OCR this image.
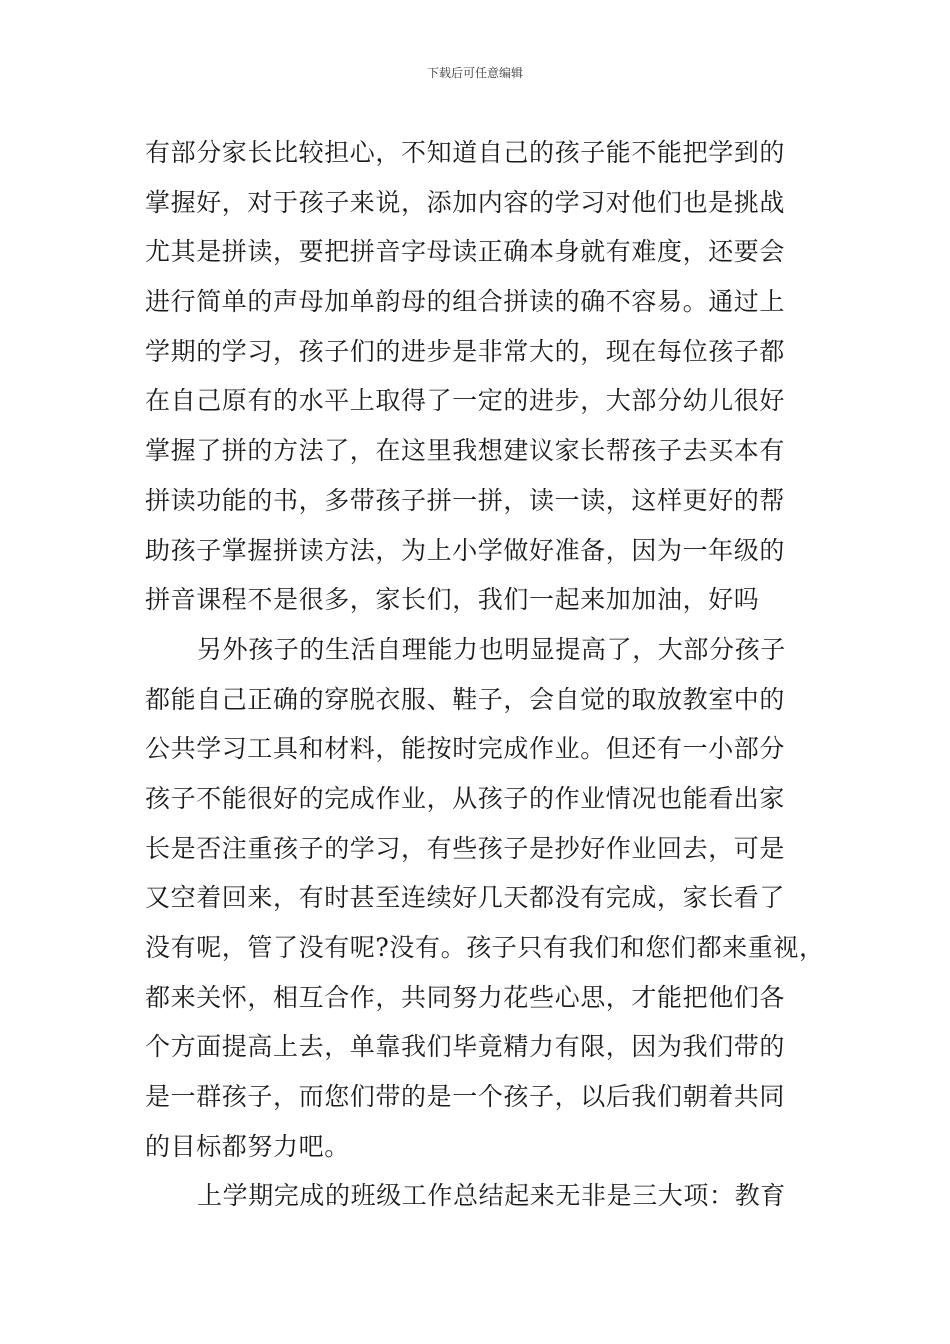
下载后可任意编辑
有部分家长比较担心，不知道自己的孩子能不能把学到的
掌握好，对于孩子来说，添加内容的学习对他们也是挑战
尤其是拼读，要把拼音字母读正确本身就有难度，还要会
进行简单的声母加单韵母的组合拼读的确不容易。通过上
学期的学习，孩子们的进步是非常大的，现在每位孩子都
在自己原有的水平上取得了一定的进步，大部分幼儿很好
掌握了拼的方法了，在这里我想建议家长帮孩子去买本有
拼读功能的书，多带孩子拼一拼，读一读，这样更好的帮
助孩子掌握拼读方法，为上小学做好准备，因为一年级的
拼音课程不是很多，家长们，我们一起来加加油，好吗
另外孩子的生活自理能力也明显提高了，大部分孩子
都能自己正确的穿脱衣服、鞋子，会自觉的取放教室中的
公共学习工具和材料，能按时完成作业。但还有一小部分
孩子不能很好的完成作业，从孩子的作业情况也能看出家
长是否注重孩子的学习，有些孩子是抄好作业回去，可是
又空着回来，有时甚至连续好几天都没有完成，家长看了
没有呢，管了没有呢?没有。孩子只有我们和您们都来重视，
都来关怀，相互合作，共同努力花些心思，才能把他们各
个方面提高上去，单靠我们毕竟精力有限，因为我们带的
是一群孩子，而您们带的是一个孩子，以后我们朝着共同
的目标都努力吧。
上学期完成的班级工作总结起来无非是三大项：教育
